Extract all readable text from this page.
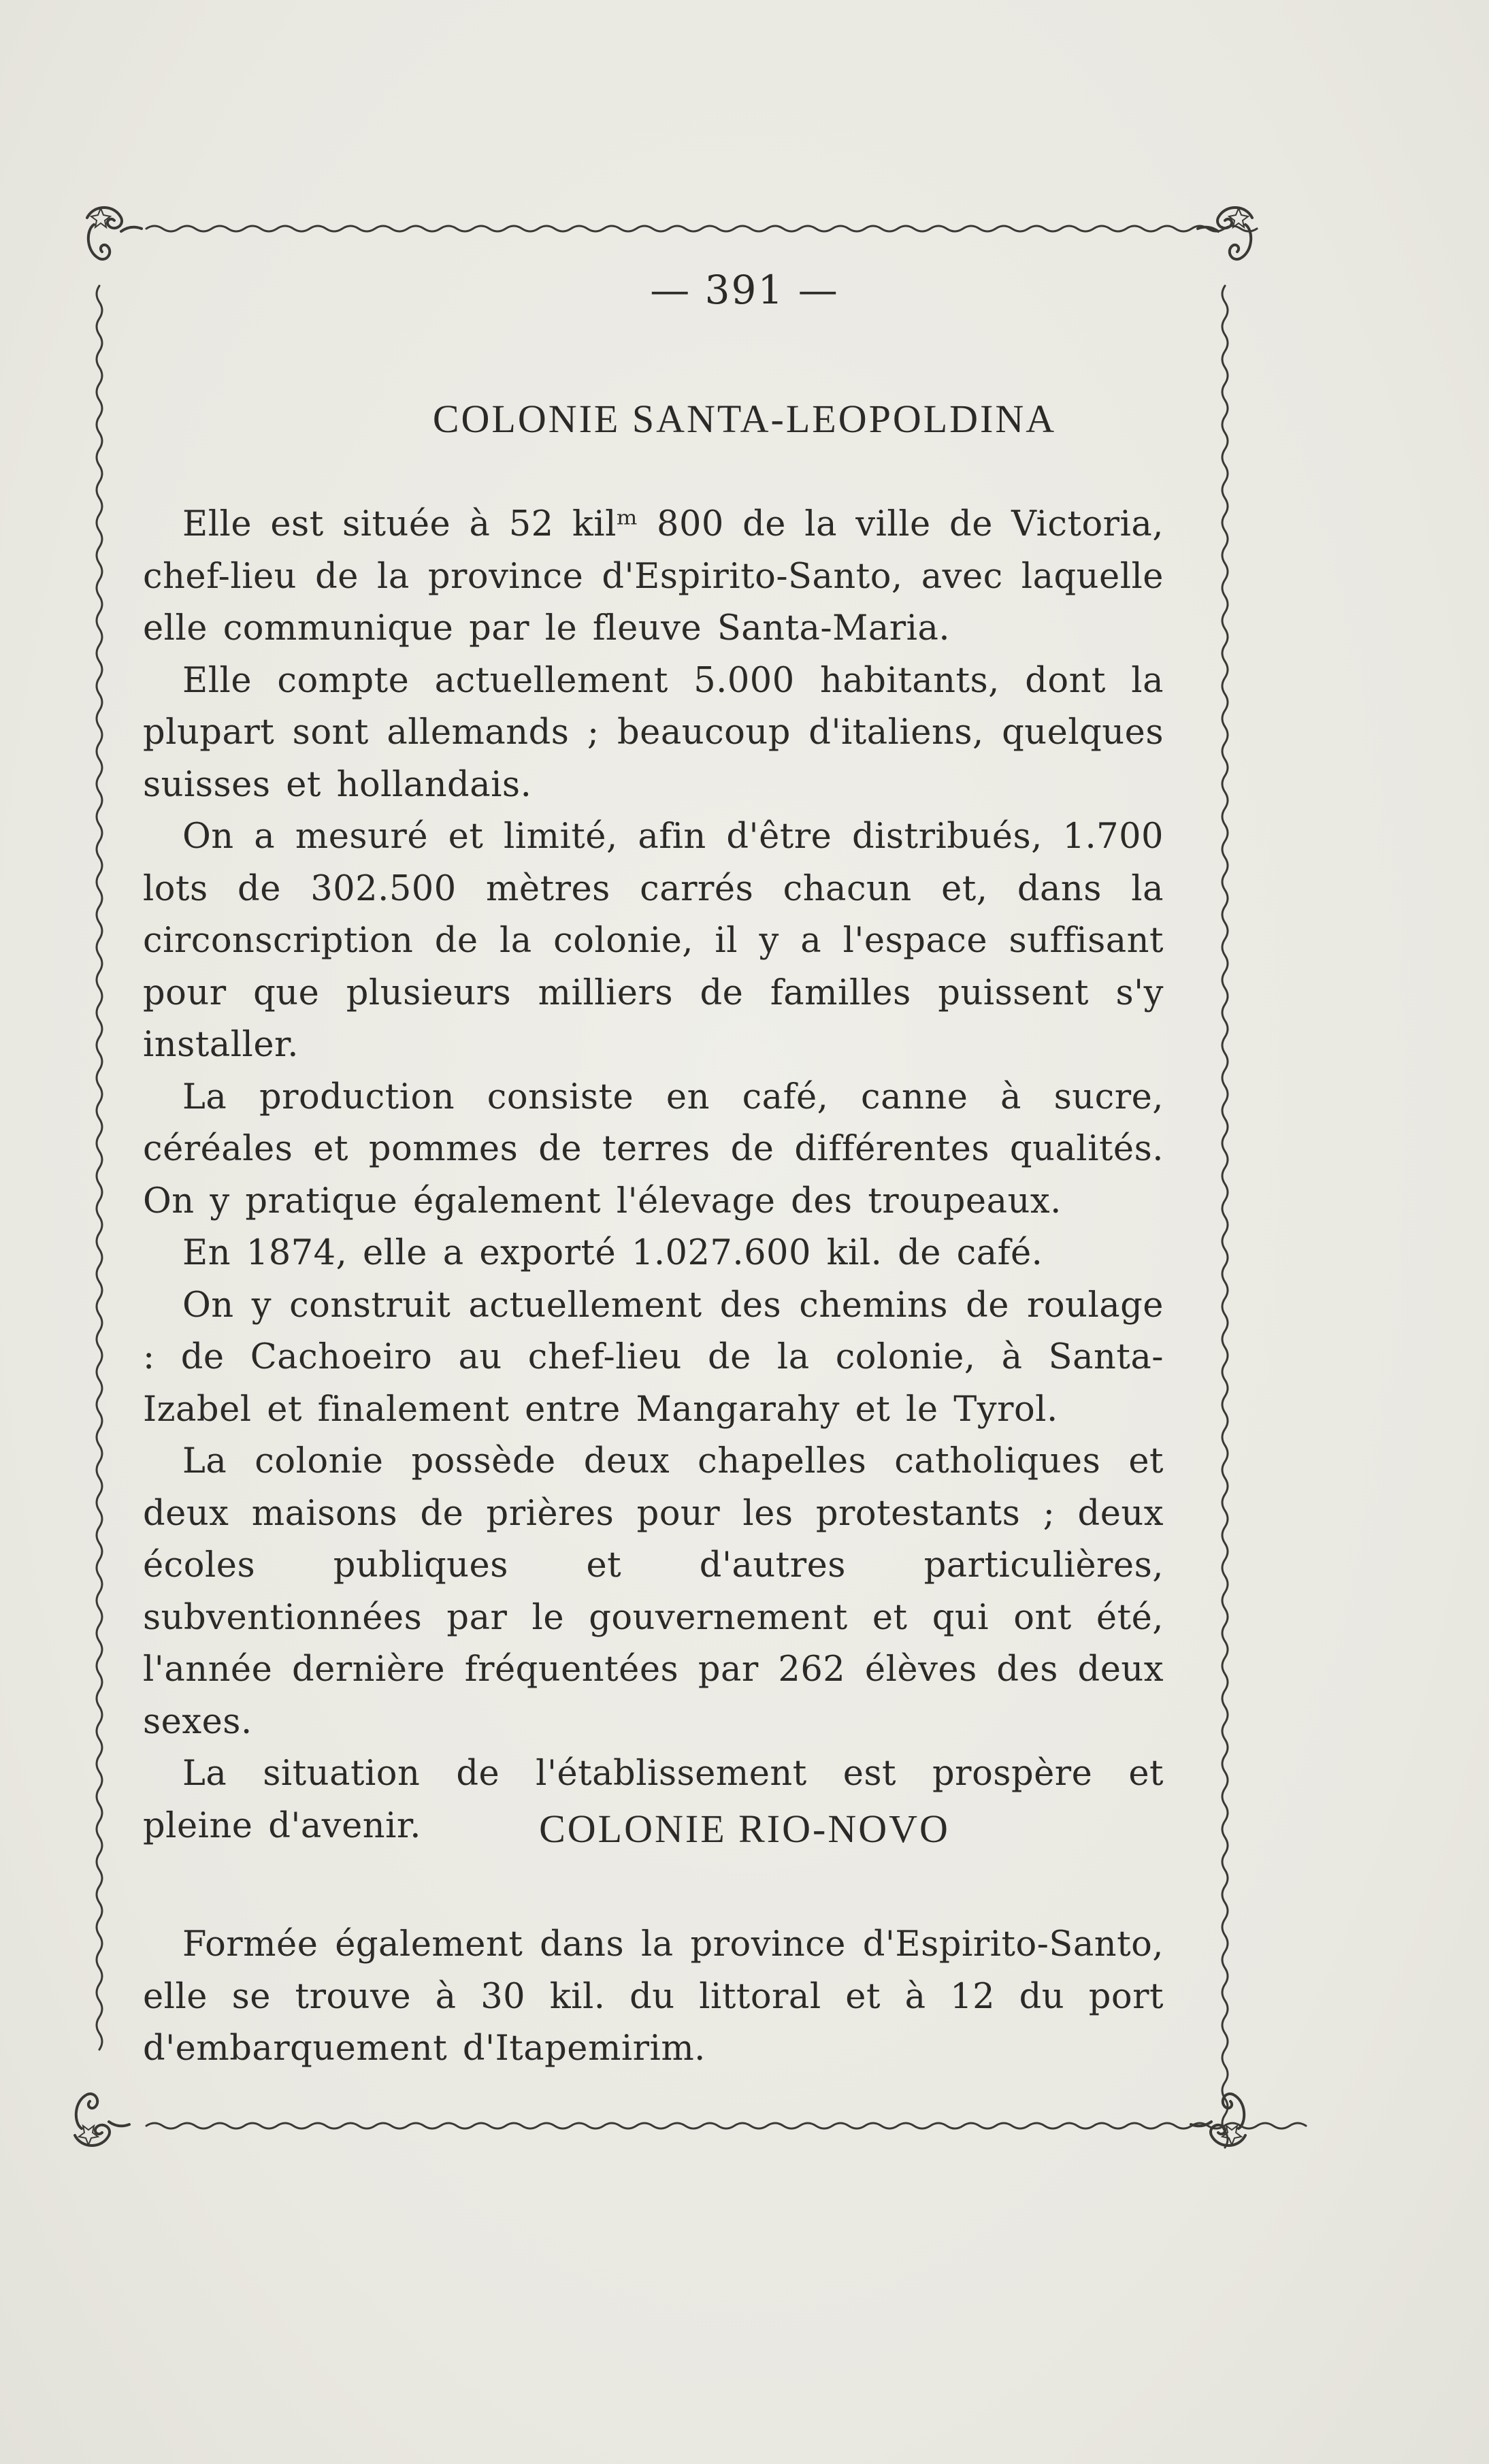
— 391 —
COLONIE SANTA-LEOPOLDINA

Elle est située à 52 kilᵐ 800 de la ville de Victoria, chef-lieu de la province d'Espirito-Santo, avec laquelle elle communique par le fleuve Santa-Maria.

Elle compte actuellement 5.000 habitants, dont la plupart sont allemands ; beaucoup d'italiens, quelques suisses et hollandais.

On a mesuré et limité, afin d'être distribués, 1.700 lots de 302.500 mètres carrés chacun et, dans la circonscription de la colonie, il y a l'espace suffisant pour que plusieurs milliers de familles puissent s'y installer.

La production consiste en café, canne à sucre, céréales et pommes de terres de différentes qualités. On y pratique également l'élevage des troupeaux.

En 1874, elle a exporté 1.027.600 kil. de café.

On y construit actuellement des chemins de roulage : de Cachoeiro au chef-lieu de la colonie, à Santa-Izabel et finalement entre Mangarahy et le Tyrol.

La colonie possède deux chapelles catholiques et deux maisons de prières pour les protestants ; deux écoles publiques et d'autres particulières, subventionnées par le gouvernement et qui ont été, l'année dernière fréquentées par 262 élèves des deux sexes.

La situation de l'établissement est prospère et pleine d'avenir.	COLONIE RIO-NOVO

Formée également dans la province d'Espirito-Santo, elle se trouve à 30 kil. du littoral et à 12 du port d'embarquement d'Itapemirim.
